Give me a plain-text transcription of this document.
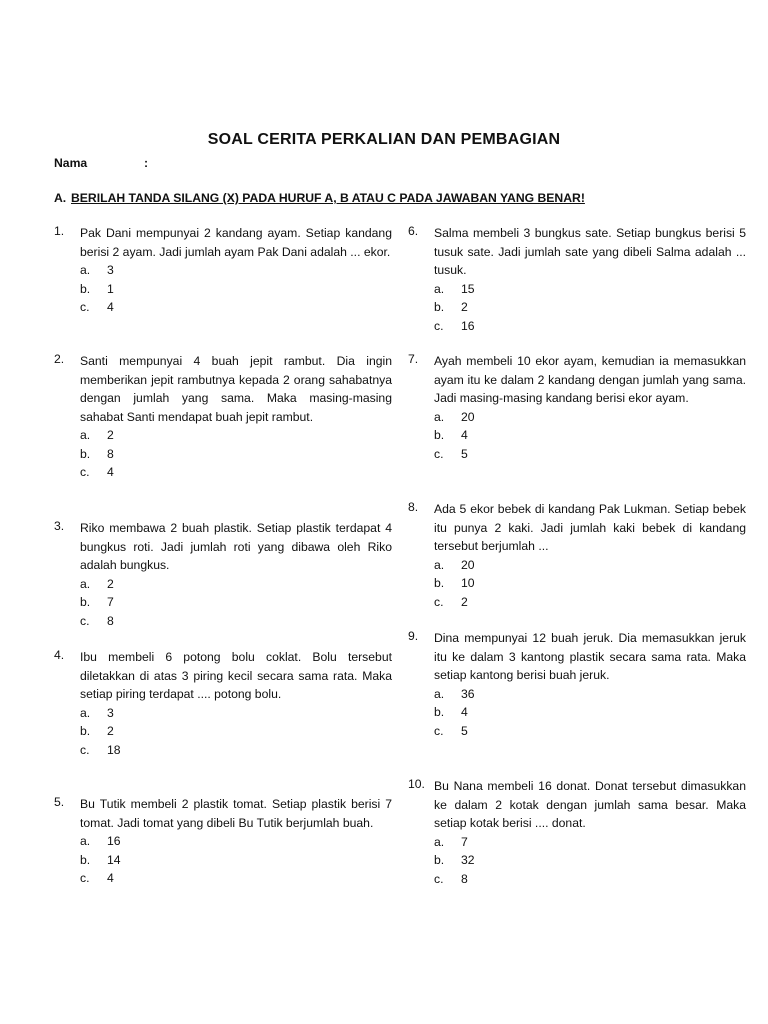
SOAL CERITA PERKALIAN DAN PEMBAGIAN
Nama	:
A. BERILAH TANDA SILANG (X) PADA HURUF A, B ATAU C PADA JAWABAN YANG BENAR!
1.	Pak Dani mempunyai 2 kandang ayam. Setiap kandang berisi 2 ayam. Jadi jumlah ayam Pak Dani adalah ... ekor.
a.	3
b.	1
c.	4
2.	Santi mempunyai 4 buah jepit rambut. Dia ingin memberikan jepit rambutnya kepada 2 orang sahabatnya dengan jumlah yang sama. Maka masing-masing sahabat Santi mendapat buah jepit rambut.
a.	2
b.	8
c.	4
3.	Riko membawa 2 buah plastik. Setiap plastik terdapat 4 bungkus roti. Jadi jumlah roti yang dibawa oleh Riko adalah bungkus.
a.	2
b.	7
c.	8
4.	Ibu membeli 6 potong bolu coklat. Bolu tersebut diletakkan di atas 3 piring kecil secara sama rata. Maka setiap piring terdapat .... potong bolu.
a.	3
b.	2
c.	18
5.	Bu Tutik membeli 2 plastik tomat. Setiap plastik berisi 7 tomat. Jadi tomat yang dibeli Bu Tutik berjumlah buah.
a.	16
b.	14
c.	4
6.	Salma membeli 3 bungkus sate. Setiap bungkus berisi 5 tusuk sate. Jadi jumlah sate yang dibeli Salma adalah ... tusuk.
a.	15
b.	2
c.	16
7.	Ayah membeli 10 ekor ayam, kemudian ia memasukkan ayam itu ke dalam 2 kandang dengan jumlah yang sama. Jadi masing-masing kandang berisi ekor ayam.
a.	20
b.	4
c.	5
8.	Ada 5 ekor bebek di kandang Pak Lukman. Setiap bebek itu punya 2 kaki. Jadi jumlah kaki bebek di kandang tersebut berjumlah ...
a.	20
b.	10
c.	2
9.	Dina mempunyai 12 buah jeruk. Dia memasukkan jeruk itu ke dalam 3 kantong plastik secara sama rata. Maka setiap kantong berisi buah jeruk.
a.	36
b.	4
c.	5
10. Bu Nana membeli 16 donat. Donat tersebut dimasukkan ke dalam 2 kotak dengan jumlah sama besar. Maka setiap kotak berisi .... donat.
a.	7
b.	32
c.	8
